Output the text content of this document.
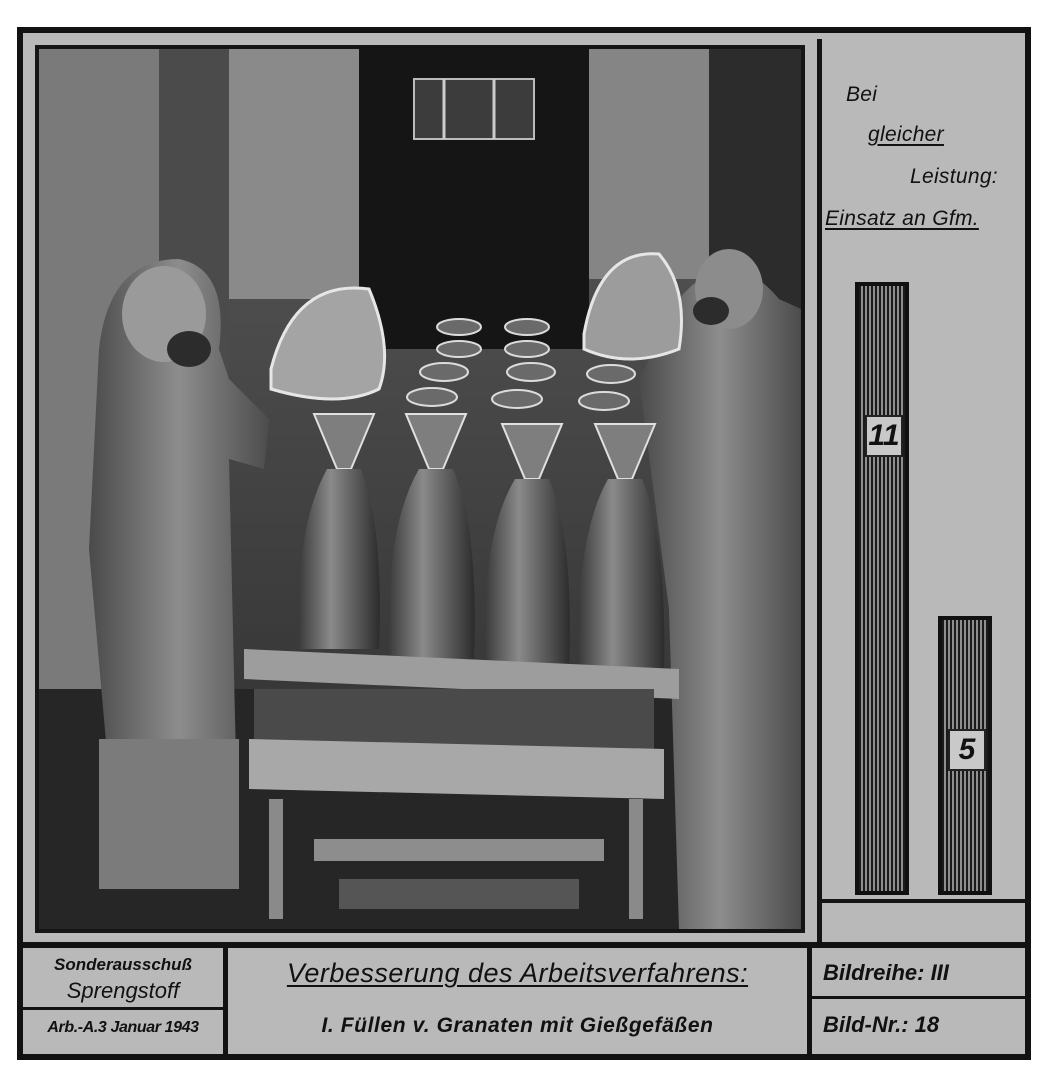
Bei
gleicher
Leistung:
Einsatz an Gfm.
11
5
Sonderausschuß
Sprengstoff
Arb.-A.3 Januar 1943
Verbesserung des Arbeitsverfahrens:
I. Füllen v. Granaten mit Gießgefäßen
Bildreihe: III
Bild-Nr.: 18
